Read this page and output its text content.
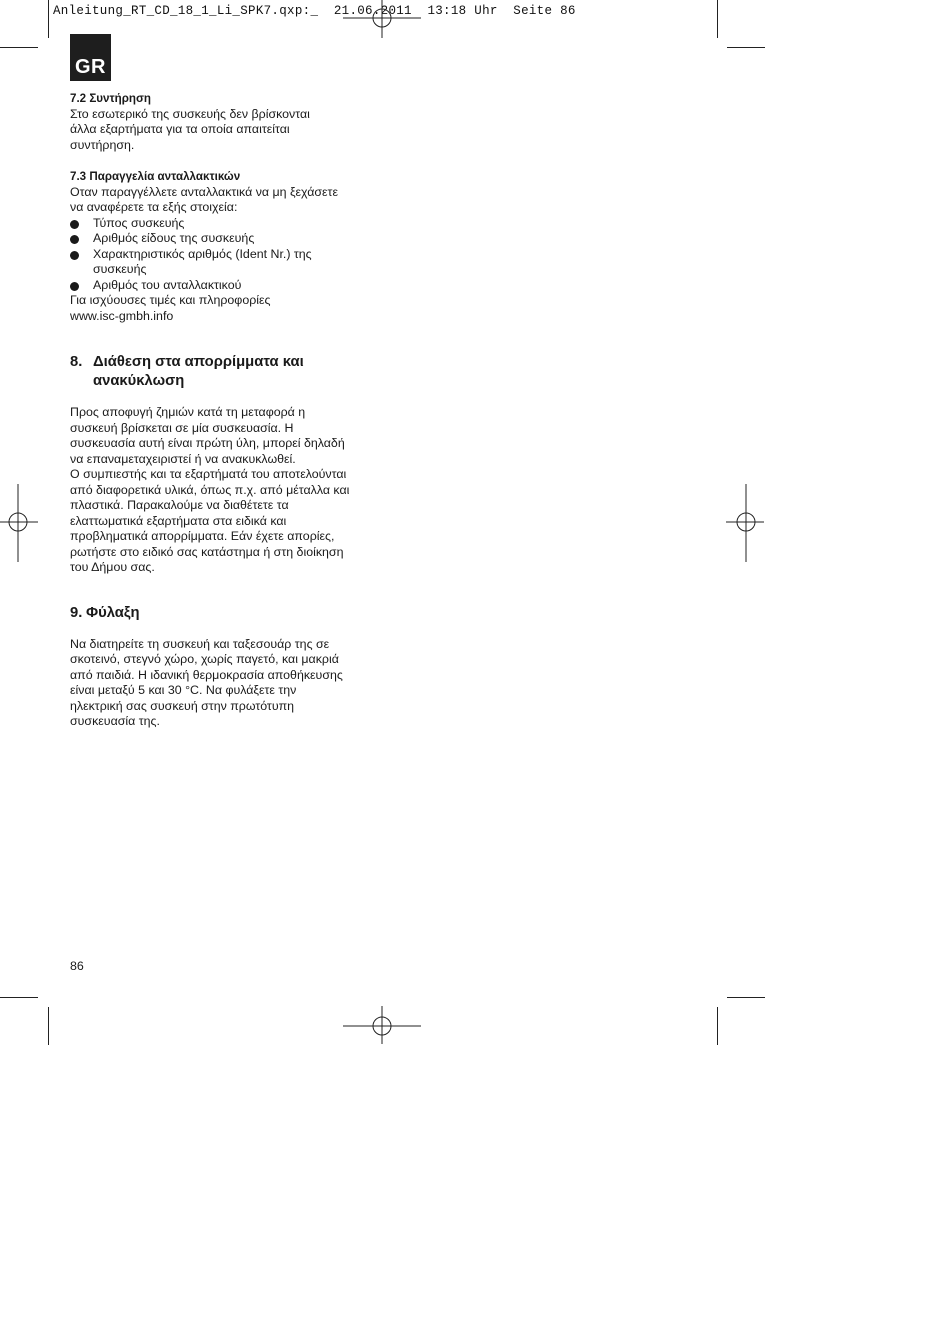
Anleitung_RT_CD_18_1_Li_SPK7.qxp:_  21.06.2011  13:18 Uhr  Seite 86
GR

7.2 Συντήρηση

Στο εσωτερικό της συσκευής δεν βρίσκονται
άλλα εξαρτήματα για τα οποία απαιτείται
συντήρηση.

7.3 Παραγγελία ανταλλακτικών

Οταν παραγγέλλετε ανταλλακτικά να μη ξεχάσετε
να αναφέρετε τα εξής στοιχεία:

Τύπος συσκευής
Αριθμός είδους της συσκευής
Χαρακτηριστικός αριθμός (Ident Nr.) της
συσκευής
Αριθμός του ανταλλακτικού

Για ισχύουσες τιμές και πληροφορίες
www.isc-gmbh.info

8. Διάθεση στα απορρίμματα και
ανακύκλωση

Προς αποφυγή ζημιών κατά τη μεταφορά η
συσκευή βρίσκεται σε μία συσκευασία. Η
συσκευασία αυτή είναι πρώτη ύλη, μπορεί δηλαδή
να επαναμεταχειριστεί ή να ανακυκλωθεί.
Ο συμπιεστής και τα εξαρτήματά του αποτελούνται
από διαφορετικά υλικά, όπως π.χ. από μέταλλα και
πλαστικά. Παρακαλούμε να διαθέτετε τα
ελαττωματικά εξαρτήματα στα ειδικά και
προβληματικά απορρίμματα. Εάν έχετε απορίες,
ρωτήστε στο ειδικό σας κατάστημα ή στη διοίκηση
του Δήμου σας.

9. Φύλαξη

Να διατηρείτε τη συσκευή και ταξεσουάρ της σε
σκοτεινό, στεγνό χώρο, χωρίς παγετό, και μακριά
από παιδιά. Η ιδανική θερμοκρασία αποθήκευσης
είναι μεταξύ 5 και 30 °C. Να φυλάξετε την
ηλεκτρική σας συσκευή στην πρωτότυπη
συσκευασία της.

86
